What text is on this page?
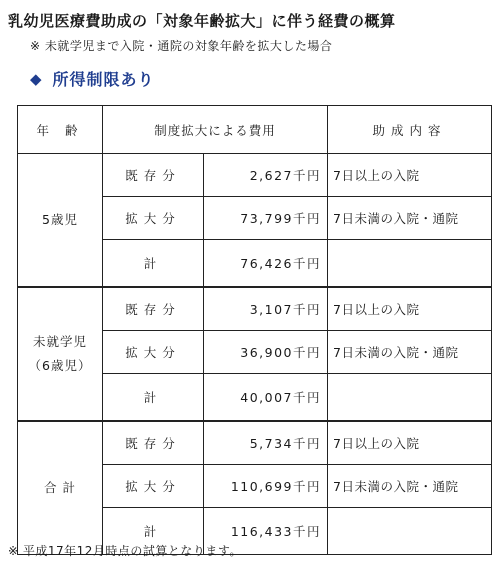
乳幼児医療費助成の「対象年齢拡大」に伴う経費の概算
※ 未就学児まで入院・通院の対象年齢を拡大した場合
◆ 所得制限あり
年 齢	制度拡大による費用		助成内容
5歳児	既存分	2,627千円	7日以上の入院
	拡大分	73,799千円	7日未満の入院・通院
	計	76,426千円	

未就学児
（6歳児）	既存分	3,107千円	7日以上の入院
	拡大分	36,900千円	7日未満の入院・通院
	計	40,007千円	
合 計	既存分	5,734千円	7日以上の入院
	拡大分	110,699千円	7日未満の入院・通院
	計	116,433千円	
※ 平成17年12月時点の試算となります。
